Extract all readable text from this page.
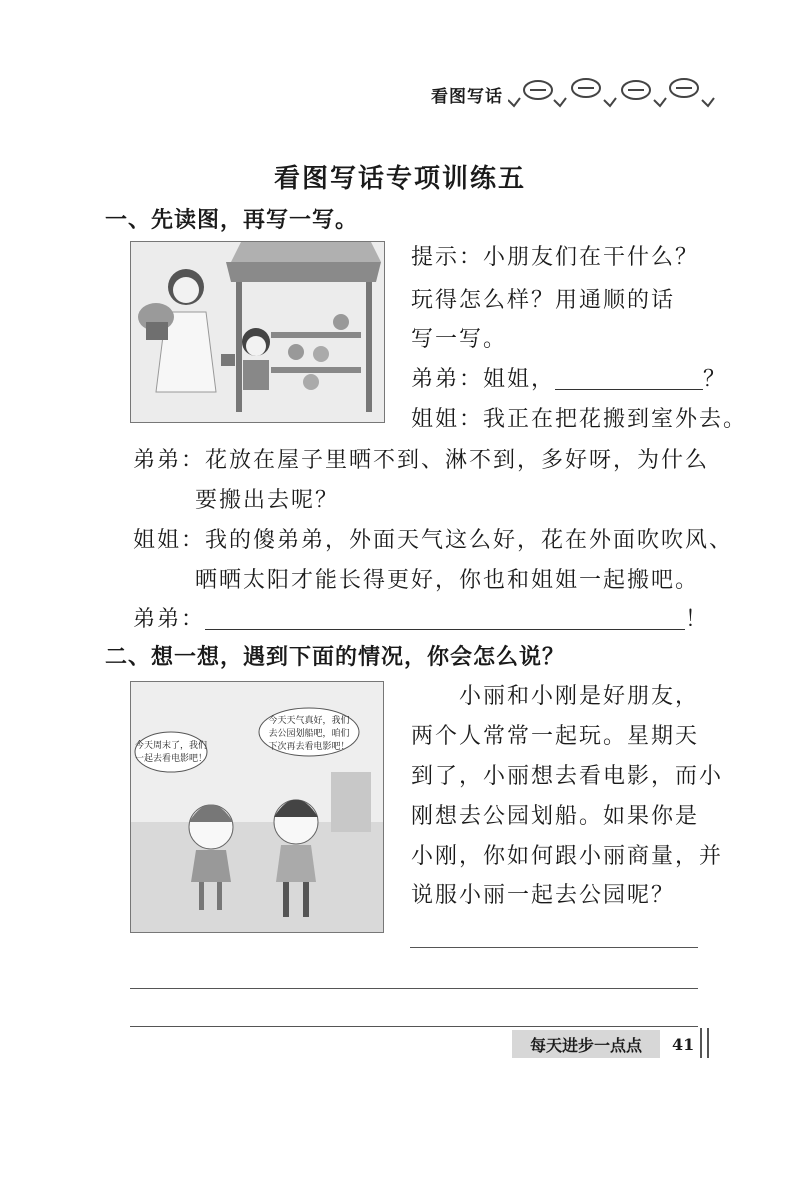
看图写话
看图写话专项训练五
一、先读图，再写一写。
提示：小朋友们在干什么？
玩得怎么样？用通顺的话
写一写。
弟弟：姐姐，	？
姐姐：我正在把花搬到室外去。
弟弟：花放在屋子里晒不到、淋不到，多好呀，为什么
要搬出去呢？
姐姐：我的傻弟弟，外面天气这么好，花在外面吹吹风、
晒晒太阳才能长得更好，你也和姐姐一起搬吧。
弟弟：	！
二、想一想，遇到下面的情况，你会怎么说？
今天周末了，我们
一起去看电影吧！
今天天气真好，我们
去公园划船吧，咱们
下次再去看电影吧！
小丽和小刚是好朋友，
两个人常常一起玩。星期天
到了，小丽想去看电影，而小
刚想去公园划船。如果你是
小刚，你如何跟小丽商量，并
说服小丽一起去公园呢？
每天进步一点点	41
